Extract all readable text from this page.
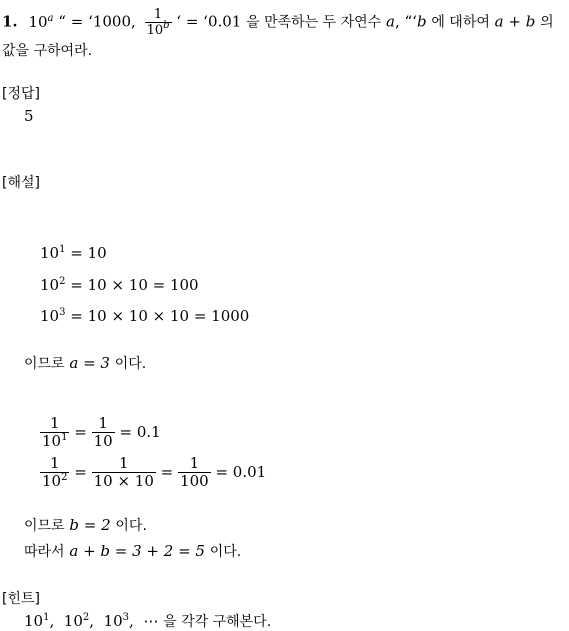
1. 10$^a$ “ = ‘1000, $\frac{1}{10^b}$ ‘ = ‘0.01 을 만족하는 두 자연수 a, “‘b 에 대하여 a + b 의
값을 구하여라.
[정답]
5
[해설]
$10^1 = 10$
$10^2 = 10 \times 10 = 100$
$10^3 = 10 \times 10 \times 10 = 1000$
이므로 a = 3 이다.
$\frac{1}{10^1} = \frac{1}{10} = 0.1$
$\frac{1}{10^2} = \frac{1}{10 \times 10} = \frac{1}{100} = 0.01$
이므로 b = 2 이다.
따라서 a + b = 3 + 2 = 5 이다.
[힌트]
$10^1$,  $10^2$,  $10^3$,  ⋯ 을 각각 구해본다.
